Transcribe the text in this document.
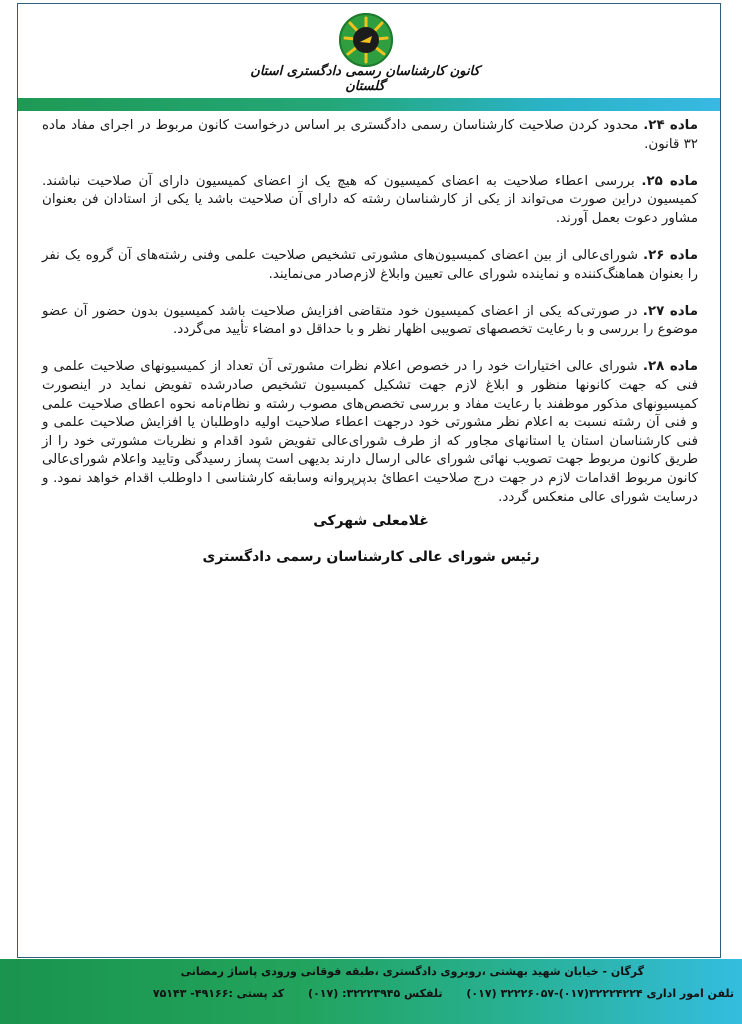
کانون کارشناسان رسمی دادگستری استان گلستان

ماده ۲۴. محدود کردن صلاحیت کارشناسان رسمی دادگستری بر اساس درخواست کانون مربوط در اجرای مفاد ماده ۳۲ قانون.

ماده ۲۵. بررسی اعطاء صلاحیت به اعضای کمیسیون که هیچ یک از اعضای کمیسیون دارای آن صلاحیت نباشند. کمیسیون دراین صورت می‌تواند از یکی از کارشناسان رشته که دارای آن صلاحیت باشد یا یکی از استادان فن بعنوان مشاور دعوت بعمل آورند.

ماده ۲۶. شورای‌عالی از بین اعضای کمیسیون‌های مشورتی تشخیص صلاحیت علمی وفنی رشته‌های آن گروه یک نفر را بعنوان هماهنگ‌کننده و نماینده شورای عالی تعیین وابلاغ لازم‌صادر می‌نمایند.

ماده ۲۷. در صورتی‌که یکی از اعضای کمیسیون خود متقاضی افزایش صلاحیت باشد کمیسیون بدون حضور آن عضو موضوع را بررسی و با رعایت تخصصهای تصویبی اظهار نظر و با حداقل دو امضاء تأیید می‌گردد.

ماده ۲۸. شورای عالی اختیارات خود را در خصوص اعلام نظرات مشورتی آن تعداد از کمیسیونهای صلاحیت علمی و فنی که جهت کانونها منظور و ابلاغ لازم جهت تشکیل کمیسیون تشخیص صادرشده تفویض نماید در اینصورت کمیسیونهای مذکور موظفند با رعایت مفاد و بررسی تخصص‌های مصوب رشته و نظام‌نامه نحوه اعطای صلاحیت علمی و فنی آن رشته نسبت به اعلام نظر مشورتی خود درجهت اعطاء صلاحیت اولیه داوطلبان یا افزایش صلاحیت علمی و فنی کارشناسان استان یا استانهای مجاور که از طرف شورای‌عالی تفویض شود اقدام و نظریات مشورتی خود را از طریق کانون مربوط جهت تصویب نهائی شورای عالی ارسال دارند بدیهی است پساز رسیدگی وتایید واعلام شورای‌عالی کانون مربوط اقدامات لازم در جهت درج صلاحیت اعطائ بدپرپروانه وسابقه کارشناسی ا داوطلب اقدام خواهد نمود. و درسایت شورای عالی منعکس گردد.

غلامعلی شهرکی
رئیس شورای عالی کارشناسان رسمی دادگستری
گرگان - خیابان شهید بهشتی ،روبروی دادگستری ،طبقه فوقانی ورودی پاساژ رمضانی
تلفن امور اداری ۳۲۲۲۴۲۲۴(۰۱۷)-۳۲۲۲۶۰۵۷ (۰۱۷) تلفکس ۳۲۲۲۳۹۴۵: (۰۱۷) کد پستی :۴۹۱۶۶- ۷۵۱۴۳
